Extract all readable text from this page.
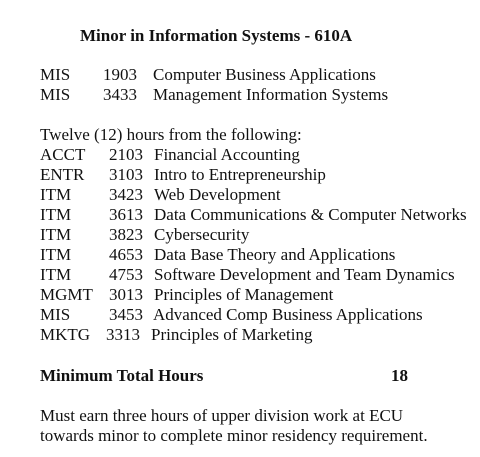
Minor in Information Systems - 610A
MIS 1903 Computer Business Applications
MIS 3433 Management Information Systems
Twelve (12) hours from the following:
ACCT 2103 Financial Accounting
ENTR 3103 Intro to Entrepreneurship
ITM 3423 Web Development
ITM 3613 Data Communications & Computer Networks
ITM 3823 Cybersecurity
ITM 4653 Data Base Theory and Applications
ITM 4753 Software Development and Team Dynamics
MGMT 3013 Principles of Management
MIS 3453 Advanced Comp Business Applications
MKTG 3313 Principles of Marketing
Minimum Total Hours	18
Must earn three hours of upper division work at ECU
towards minor to complete minor residency requirement.
